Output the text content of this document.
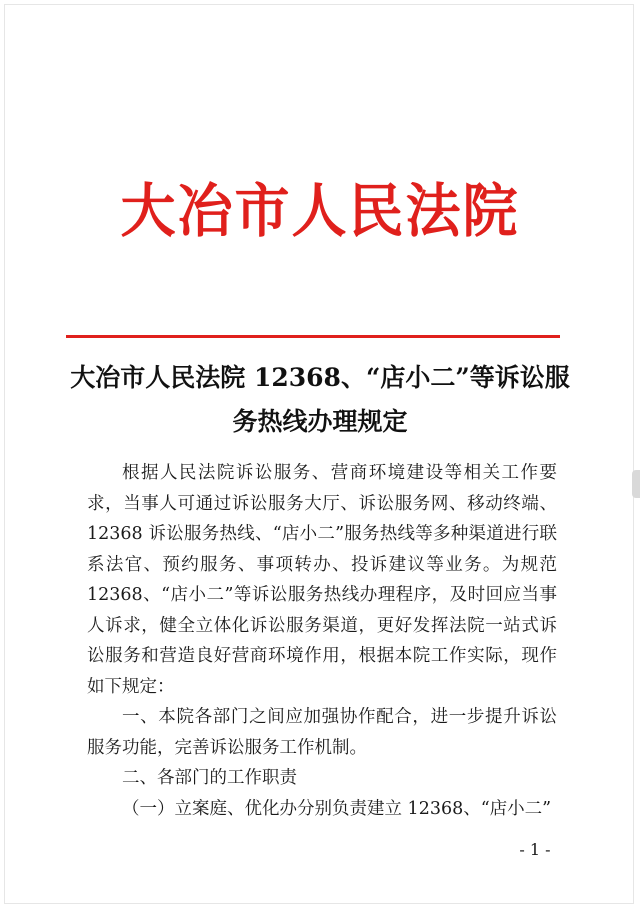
大冶市人民法院
大冶市人民法院 12368、“店小二”等诉讼服务热线办理规定

根据人民法院诉讼服务、营商环境建设等相关工作要求，当事人可通过诉讼服务大厅、诉讼服务网、移动终端、12368 诉讼服务热线、“店小二”服务热线等多种渠道进行联系法官、预约服务、事项转办、投诉建议等业务。为规范 12368、“店小二”等诉讼服务热线办理程序，及时回应当事人诉求，健全立体化诉讼服务渠道，更好发挥法院一站式诉讼服务和营造良好营商环境作用，根据本院工作实际，现作如下规定：

一、本院各部门之间应加强协作配合，进一步提升诉讼服务功能，完善诉讼服务工作机制。

二、各部门的工作职责

（一）立案庭、优化办分别负责建立 12368、“店小二”

- 1 -
